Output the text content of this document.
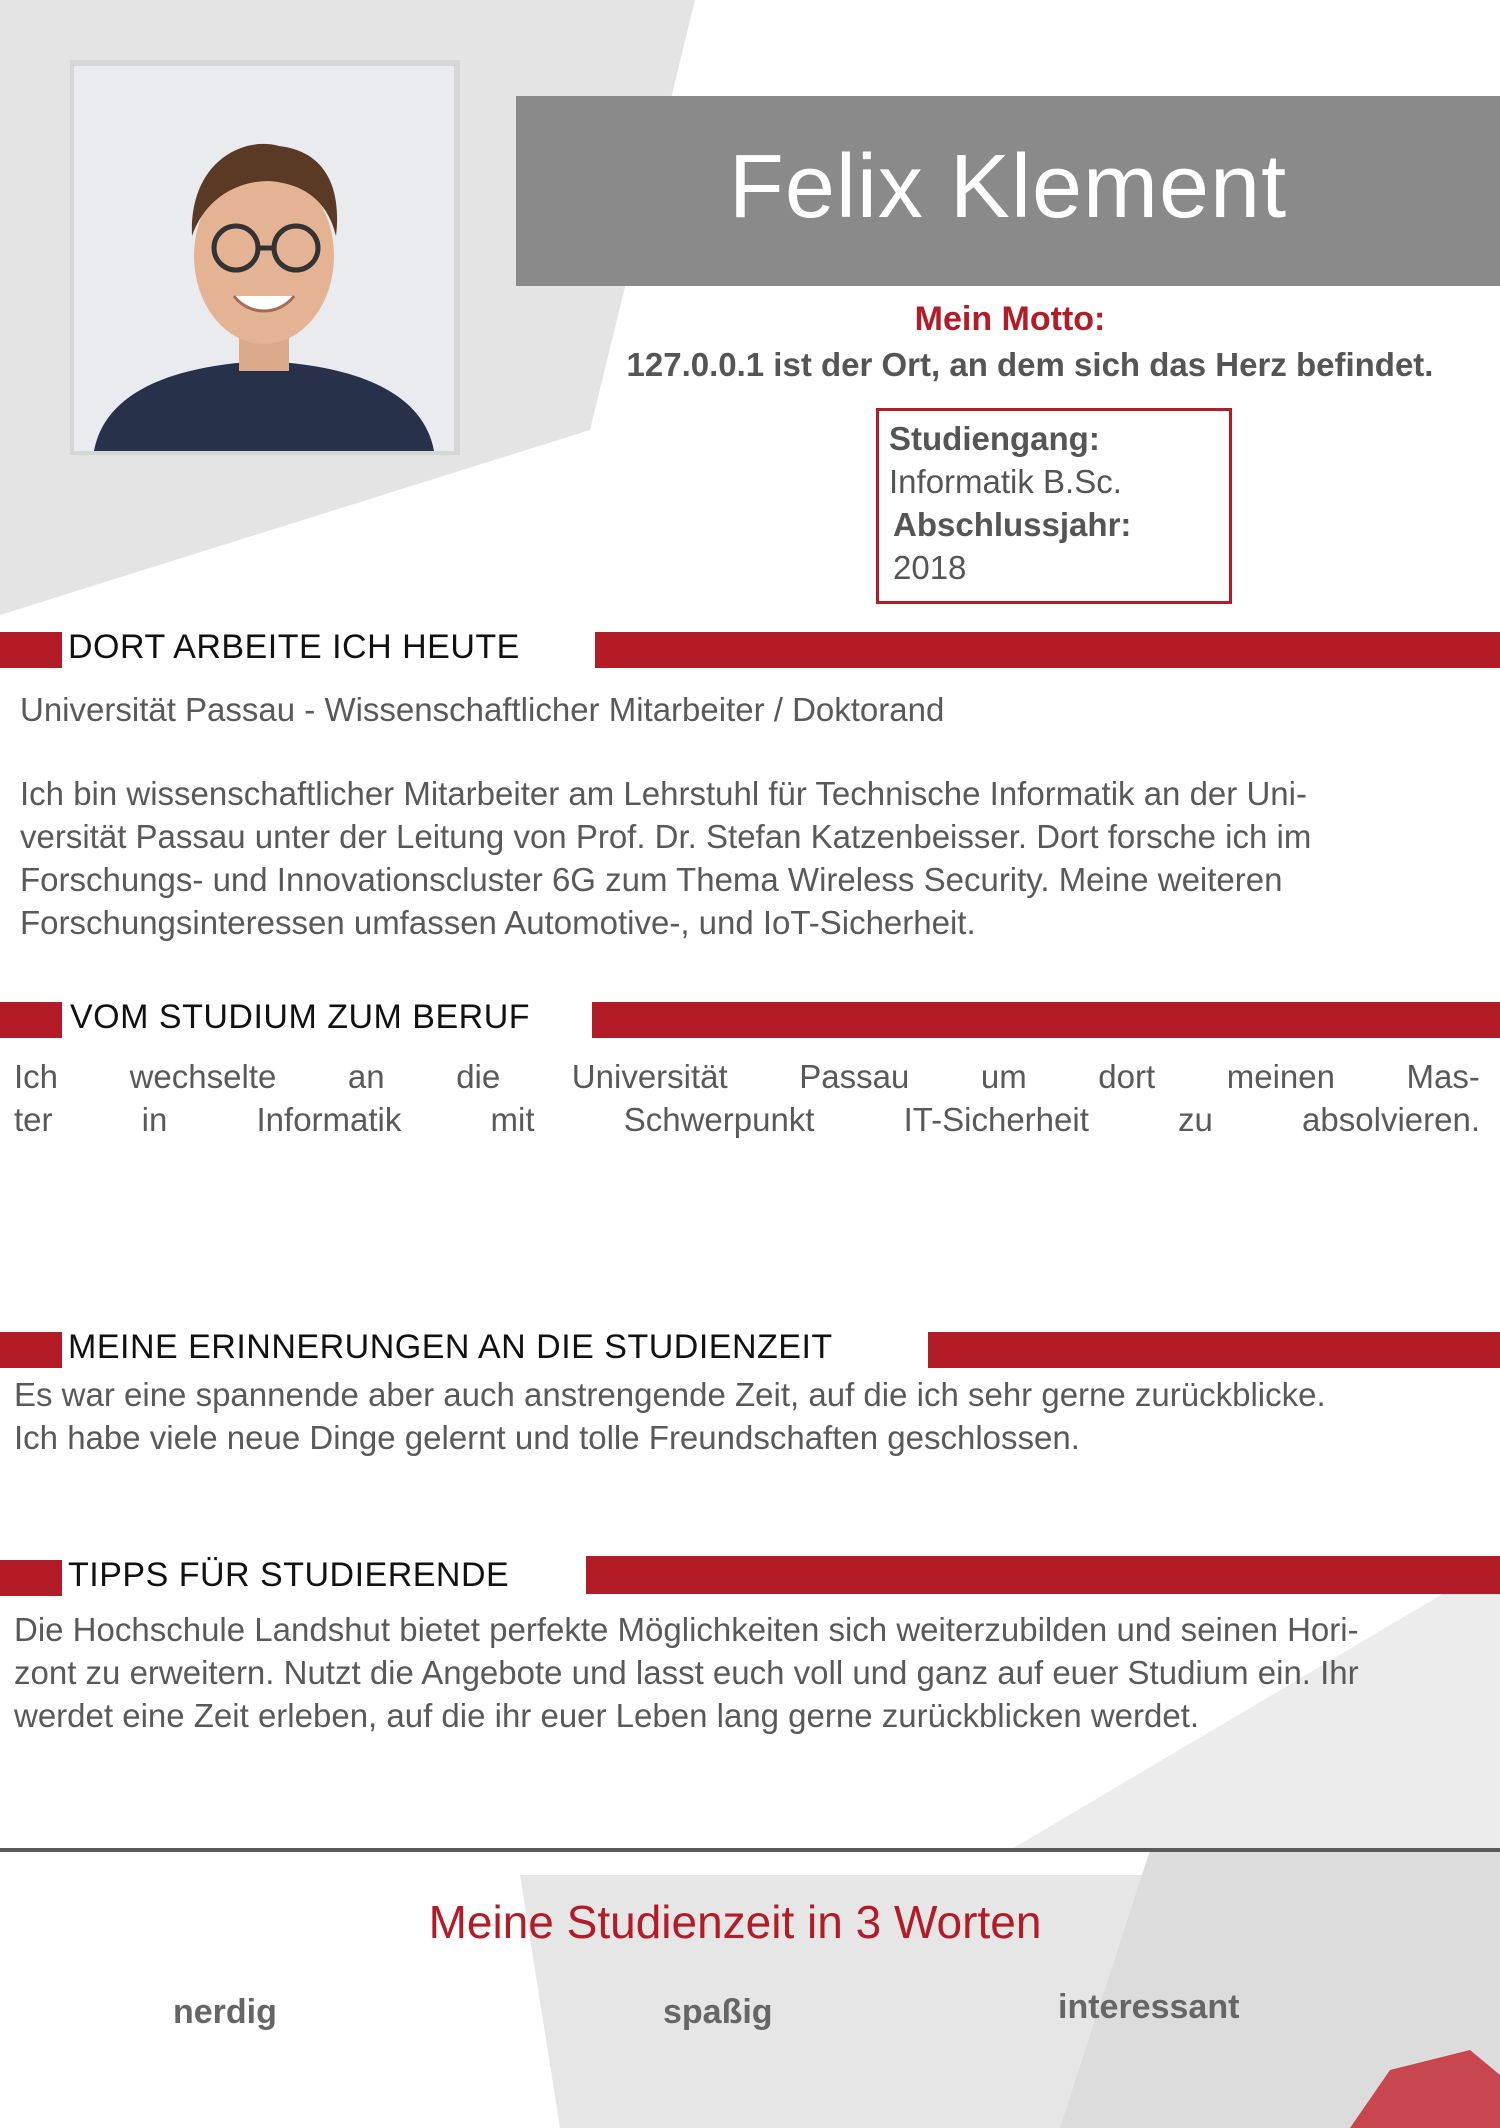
Felix Klement
Mein Motto:
127.0.0.1 ist der Ort, an dem sich das Herz befindet.
Studiengang:
Informatik B.Sc.
Abschlussjahr:
2018
DORT ARBEITE ICH HEUTE
Universität Passau - Wissenschaftlicher Mitarbeiter / Doktorand
Ich bin wissenschaftlicher Mitarbeiter am Lehrstuhl für Technische Informatik an der Uni-
versität Passau unter der Leitung von Prof. Dr. Stefan Katzenbeisser. Dort forsche ich im
Forschungs- und Innovationscluster 6G zum Thema Wireless Security. Meine weiteren
Forschungsinteressen umfassen Automotive-, und IoT-Sicherheit.
VOM STUDIUM ZUM BERUF
Ich wechselte an die Universität Passau um dort meinen Mas-
ter	in	Informatik	mit	Schwerpunkt	IT-Sicherheit	zu	absolvieren.
MEINE ERINNERUNGEN AN DIE STUDIENZEIT
Es war eine spannende aber auch anstrengende Zeit, auf die ich sehr gerne zurückblicke.
Ich habe viele neue Dinge gelernt und tolle Freundschaften geschlossen.
TIPPS FÜR STUDIERENDE
Die Hochschule Landshut bietet perfekte Möglichkeiten sich weiterzubilden und seinen Hori-
zont zu erweitern. Nutzt die Angebote und lasst euch voll und ganz auf euer Studium ein. Ihr
werdet eine Zeit erleben, auf die ihr euer Leben lang gerne zurückblicken werdet.
Meine Studienzeit in 3 Worten
nerdig	spaßig	interessant
